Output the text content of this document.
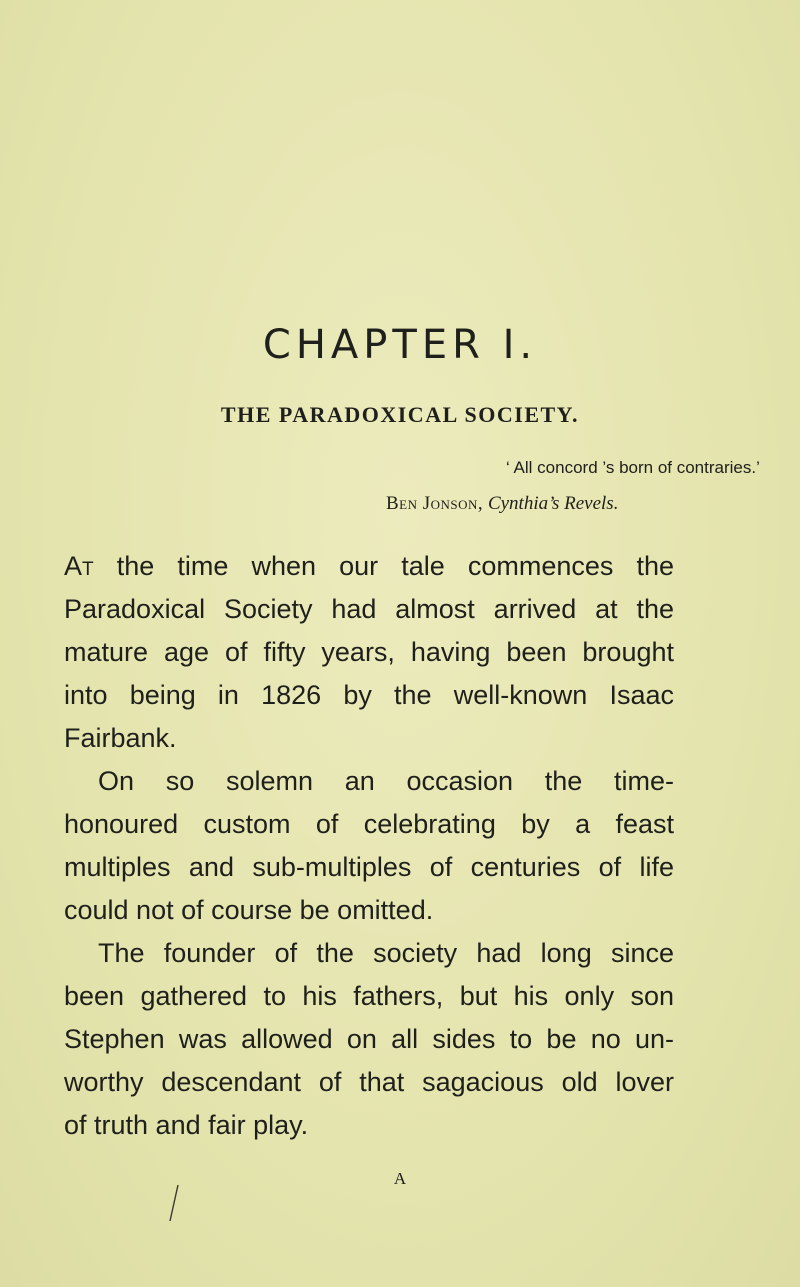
CHAPTER I.
THE PARADOXICAL SOCIETY.
‘ All concord ’s born of contraries.’
Ben Jonson, Cynthia’s Revels.
At the time when our tale commences the
Paradoxical Society had almost arrived at the
mature age of fifty years, having been brought
into being in 1826 by the well-known Isaac
Fairbank.
On so solemn an occasion the time-
honoured custom of celebrating by a feast
multiples and sub-multiples of centuries of life
could not of course be omitted.
The founder of the society had long since
been gathered to his fathers, but his only son
Stephen was allowed on all sides to be no un-
worthy descendant of that sagacious old lover
of truth and fair play.
A
